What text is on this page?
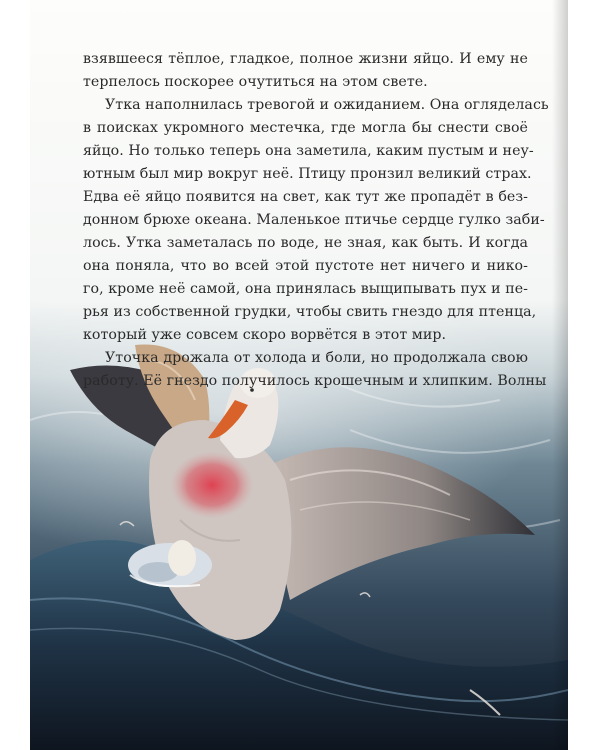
взявшееся тёплое, гладкое, полное жизни яйцо. И ему не
терпелось поскорее очутиться на этом свете.

Утка наполнилась тревогой и ожиданием. Она огляделась
в поисках укромного местечка, где могла бы снести своё
яйцо. Но только теперь она заметила, каким пустым и неу-
ютным был мир вокруг неё. Птицу пронзил великий страх.
Едва её яйцо появится на свет, как тут же пропадёт в без-
донном брюхе океана. Маленькое птичье сердце гулко заби-
лось. Утка заметалась по воде, не зная, как быть. И когда
она поняла, что во всей этой пустоте нет ничего и нико-
го, кроме неё самой, она принялась выщипывать пух и пе-
рья из собственной грудки, чтобы свить гнездо для птенца,
который уже совсем скоро ворвётся в этот мир.

Уточка дрожала от холода и боли, но продолжала свою
работу. Её гнездо получилось крошечным и хлипким. Волны
